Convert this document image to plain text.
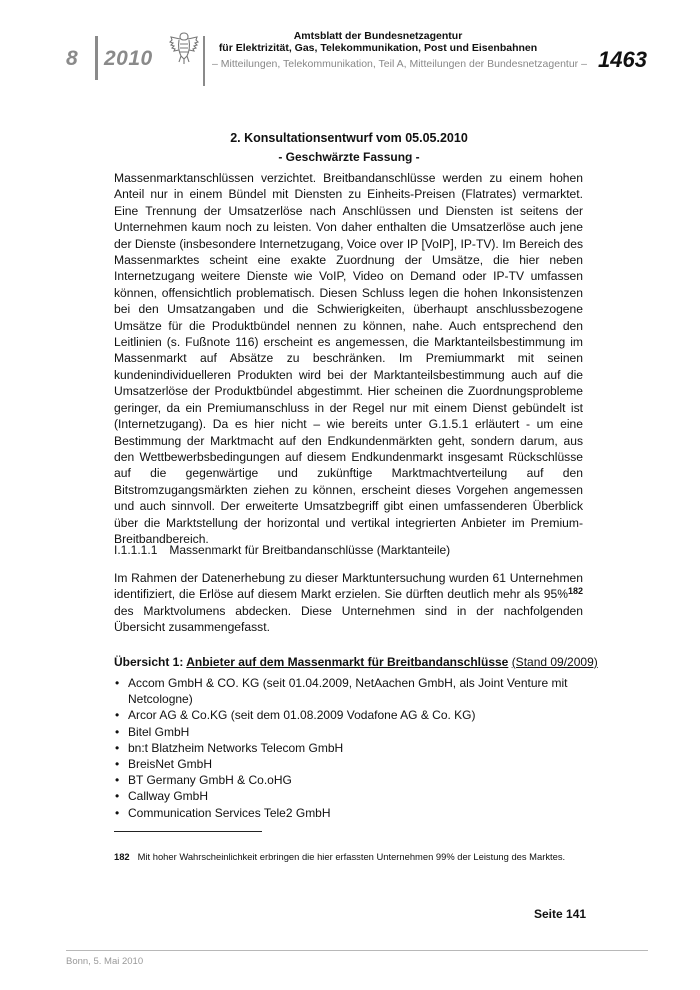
8 2010
Amtsblatt der Bundesnetzagentur
für Elektrizität, Gas, Telekommunikation, Post und Eisenbahnen
– Mitteilungen, Telekommunikation, Teil A, Mitteilungen der Bundesnetzagentur – 1463
2. Konsultationsentwurf vom 05.05.2010
- Geschwärzte Fassung -

Massenmarktanschlüssen verzichtet. Breitbandanschlüsse werden zu einem hohen Anteil nur in einem Bündel mit Diensten zu Einheits-Preisen (Flatrates) vermarktet. Eine Trennung der Umsatzerlöse nach Anschlüssen und Diensten ist seitens der Unternehmen kaum noch zu leisten. Von daher enthalten die Umsatzerlöse auch jene der Dienste (insbesondere Internetzugang, Voice over IP [VoIP], IP-TV). Im Bereich des Massenmarktes scheint eine exakte Zuordnung der Umsätze, die hier neben Internetzugang weitere Dienste wie VoIP, Video on Demand oder IP-TV umfassen können, offensichtlich problematisch. Diesen Schluss legen die hohen Inkonsistenzen bei den Umsatzangaben und die Schwierigkeiten, überhaupt anschlussbezogene Umsätze für die Produktbündel nennen zu können, nahe. Auch entsprechend den Leitlinien (s. Fußnote 116) erscheint es angemessen, die Marktanteilsbestimmung im Massenmarkt auf Absätze zu beschränken. Im Premiummarkt mit seinen kundenindividuelleren Produkten wird bei der Marktanteilsbestimmung auch auf die Umsatzerlöse der Produktbündel abgestimmt. Hier scheinen die Zuordnungsprobleme geringer, da ein Premiumanschluss in der Regel nur mit einem Dienst gebündelt ist (Internetzugang). Da es hier nicht – wie bereits unter G.1.5.1 erläutert - um eine Bestimmung der Marktmacht auf den Endkundenmärkten geht, sondern darum, aus den Wettbewerbsbedingungen auf diesem Endkundenmarkt insgesamt Rückschlüsse auf die gegenwärtige und zukünftige Marktmachtverteilung auf den Bitstromzugangsmärkten ziehen zu können, erscheint dieses Vorgehen angemessen und auch sinnvoll. Der erweiterte Umsatzbegriff gibt einen umfassenderen Überblick über die Marktstellung der horizontal und vertikal integrierten Anbieter im Premium-Breitbandbereich.

I.1.1.1.1 Massenmarkt für Breitbandanschlüsse (Marktanteile)

Im Rahmen der Datenerhebung zu dieser Marktuntersuchung wurden 61 Unternehmen identifiziert, die Erlöse auf diesem Markt erzielen. Sie dürften deutlich mehr als 95%$^{182}$ des Marktvolumens abdecken. Diese Unternehmen sind in der nachfolgenden Übersicht zusammengefasst.

Übersicht 1: Anbieter auf dem Massenmarkt für Breitbandanschlüsse (Stand 09/2009)

• Accom GmbH & CO. KG (seit 01.04.2009, NetAachen GmbH, als Joint Venture mit Netcologne)
• Arcor AG & Co.KG (seit dem 01.08.2009 Vodafone AG & Co. KG)
• Bitel GmbH
• bn:t Blatzheim Networks Telecom GmbH
• BreisNet GmbH
• BT Germany GmbH & Co.oHG
• Callway GmbH
• Communication Services Tele2 GmbH
182 Mit hoher Wahrscheinlichkeit erbringen die hier erfassten Unternehmen 99% der Leistung des Marktes.
Seite 141
Bonn, 5. Mai 2010
